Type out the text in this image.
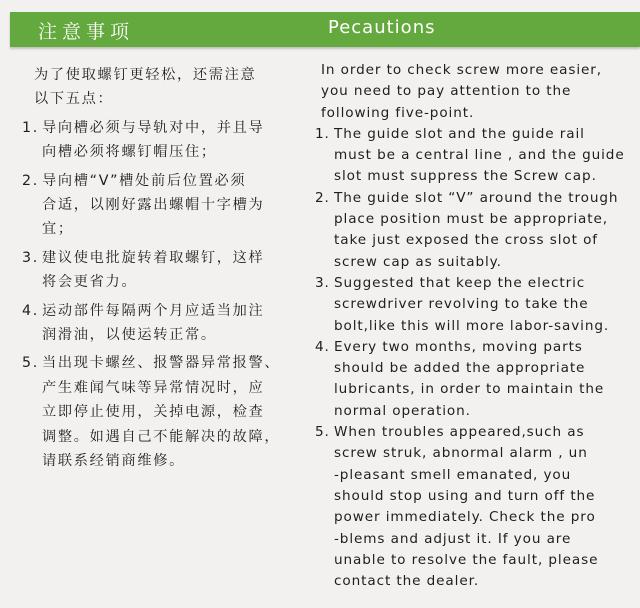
注意事项	Pecautions
为了使取螺钉更轻松，还需注意
以下五点：
1. 导向槽必须与导轨对中，并且导
向槽必须将螺钉帽压住；
2. 导向槽“V”槽处前后位置必须
合适，以刚好露出螺帽十字槽为
宜；
3. 建议使电批旋转着取螺钉，这样
将会更省力。
4. 运动部件每隔两个月应适当加注
润滑油，以使运转正常。
5. 当出现卡螺丝、报警器异常报警、
产生难闻气味等异常情况时，应
立即停止使用，关掉电源，检查
调整。如遇自己不能解决的故障，
请联系经销商维修。
In order to check screw more easier,
you need to pay attention to the
following five-point.
1. The guide slot and the guide rail
must be a central line , and the guide
slot must suppress the Screw cap.
2. The guide slot “V” around the trough
place position must be appropriate,
take just exposed the cross slot of
screw cap as suitably.
3. Suggested that keep the electric
screwdriver revolving to take the
bolt,like this will more labor-saving.
4. Every two months, moving parts
should be added the appropriate
lubricants, in order to maintain the
normal operation.
5. When troubles appeared,such as
screw struk, abnormal alarm , un
-pleasant smell emanated, you
should stop using and turn off the
power immediately. Check the pro
-blems and adjust it. If you are
unable to resolve the fault, please
contact the dealer.
